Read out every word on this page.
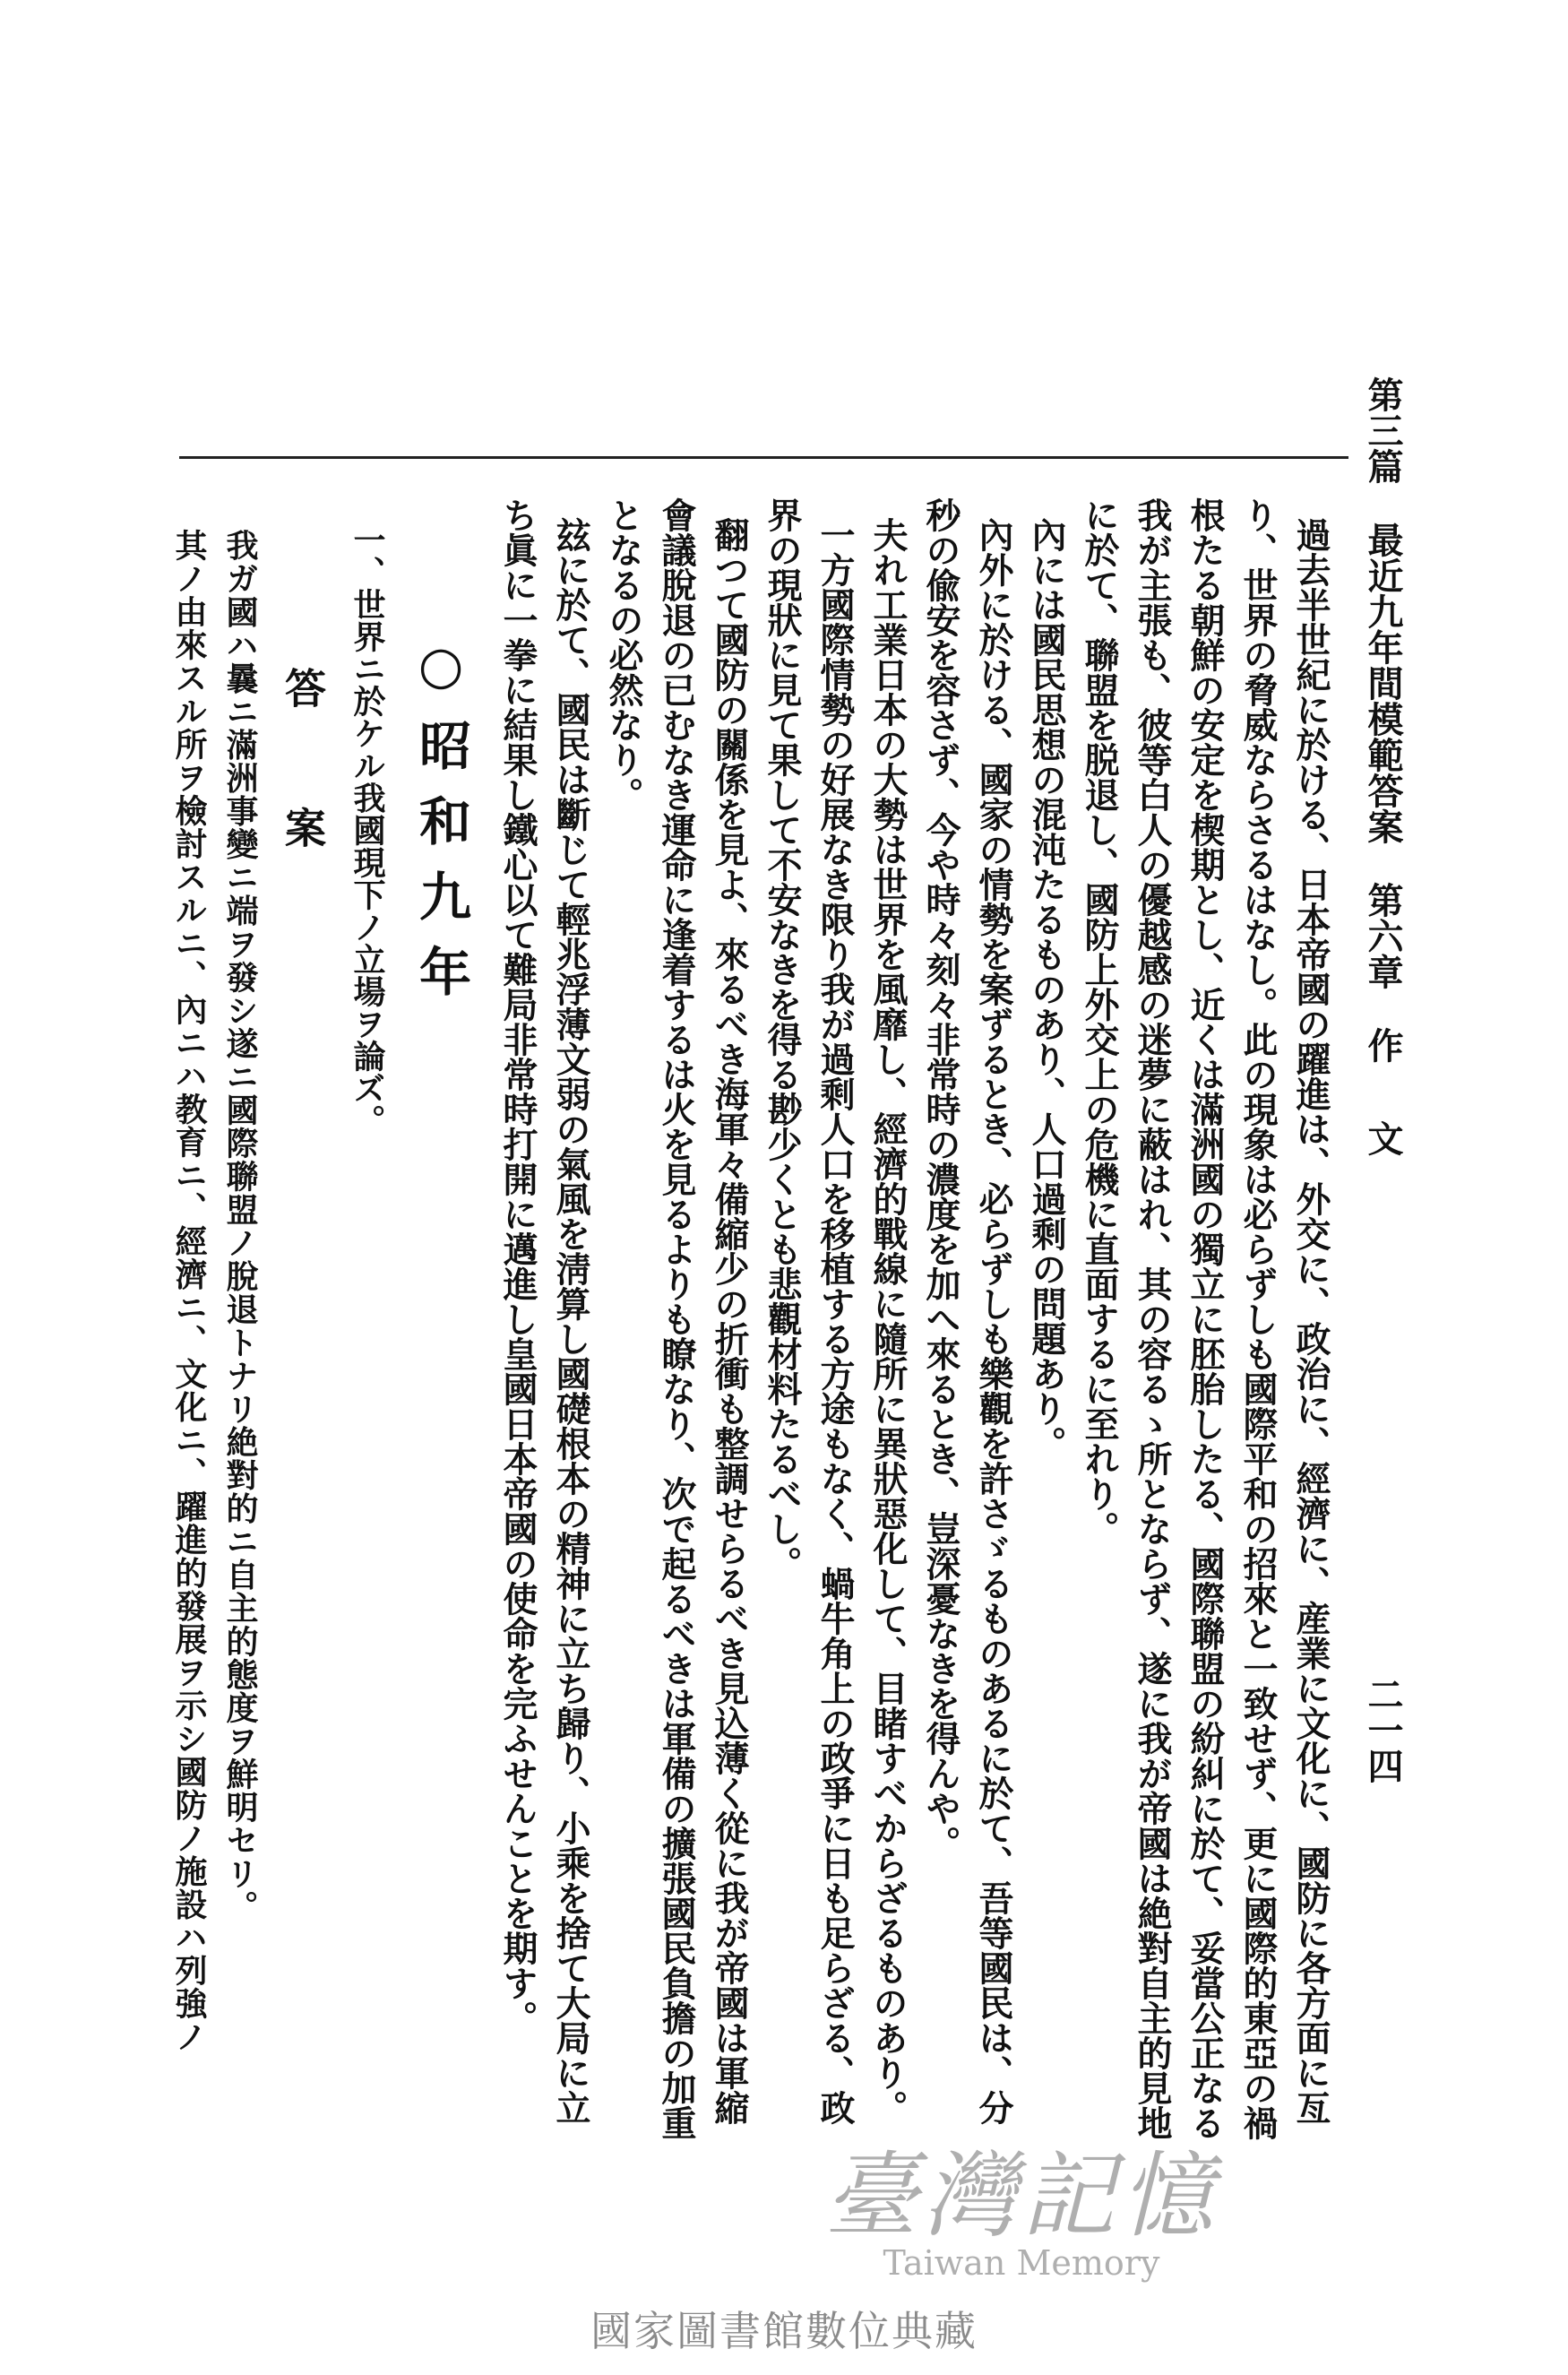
第三篇 最近九年間模範答案 第六章 作 文
二一四
過去半世紀に於ける、日本帝國の躍進は、外交に、政治に、經濟に、産業に文化に、國防に各方面に亙
り、世界の脅威ならさるはなし。此の現象は必らずしも國際平和の招來と一致せず、更に國際的東亞の禍
根たる朝鮮の安定を楔期とし、近くは滿洲國の獨立に胚胎したる、國際聯盟の紛糾に於て、妥當公正なる
我が主張も、彼等白人の優越感の迷夢に蔽はれ、其の容るゝ所とならず、遂に我が帝國は絶對自主的見地
に於て、聯盟を脱退し、國防上外交上の危機に直面するに至れり。
內には國民思想の混沌たるものあり、人口過剩の問題あり。
內外に於ける、國家の情勢を案ずるとき、必らずしも樂觀を許さゞるものあるに於て、吾等國民は、分
秒の偸安を容さず、今や時々刻々非常時の濃度を加へ來るとき、豈深憂なきを得んや。
夫れ工業日本の大勢は世界を風靡し、經濟的戰線に隨所に異狀惡化して、目睹すべからざるものあり。
一方國際情勢の好展なき限り我が過剩人口を移植する方途もなく、蝸牛角上の政爭に日も足らざる、政
界の現狀に見て果して不安なきを得る尠少くとも悲觀材料たるべし。
翻つて國防の關係を見よ、來るべき海軍々備縮少の折衝も整調せらるべき見込薄く從に我が帝國は軍縮
會議脫退の已むなき運命に逢着するは火を見るよりも瞭なり、次で起るべきは軍備の擴張國民負擔の加重
となるの必然なり。
玆に於て、國民は斷じて輕兆浮薄文弱の氣風を淸算し國礎根本の精神に立ち歸り、小乘を捨て大局に立
ち眞に一拳に結果し鐵心以て難局非常時打開に邁進し皇國日本帝國の使命を完ふせんことを期す。
○昭和九年
一、世界ニ於ケル我國現下ノ立場ヲ論ズ。
答案
我ガ國ハ曩ニ滿洲事變ニ端ヲ發シ遂ニ國際聯盟ノ脫退トナリ絶對的ニ自主的態度ヲ鮮明セリ。
其ノ由來スル所ヲ檢討スルニ、內ニハ教育ニ、經濟ニ、文化ニ、躍進的發展ヲ示シ國防ノ施設ハ列強ノ
臺灣記憶
Taiwan Memory
國家圖書館數位典藏
